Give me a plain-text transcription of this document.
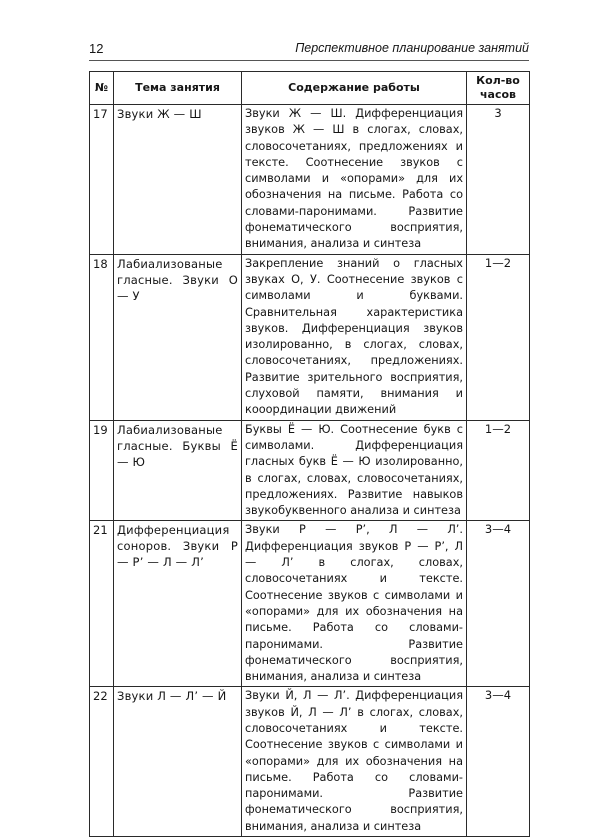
12	Перспективное планирование занятий
№	Тема занятия	Содержание работы	Кол-во часов
17	Звуки Ж — Ш	Звуки Ж — Ш. Дифференциация звуков Ж — Ш в слогах, словах, словосочетаниях, предложениях и тексте. Соотнесение звуков с символами и «опорами» для их обозначения на письме. Работа со словами-паронимами. Развитие фонематического восприятия, внимания, анализа и синтеза	3
18	Лабиализованые гласные. Звуки О — У	Закрепление знаний о гласных звуках О, У. Соотнесение звуков с символами и буквами. Сравнительная характеристика звуков. Дифференциация звуков изолированно, в слогах, словах, словосочетаниях, предложениях. Развитие зрительного восприятия, слуховой памяти, внимания и кооординации движений	1—2
19	Лабиализованые гласные. Буквы Ё — Ю	Буквы Ё — Ю. Соотнесение букв с символами. Дифференциация гласных букв Ё — Ю изолированно, в слогах, словах, словосочетаниях, предложениях. Развитие навыков звукобуквенного анализа и синтеза	1—2
21	Дифференциация соноров. Звуки Р — Р’ — Л — Л’	Звуки Р — Р’, Л — Л’. Дифференциация звуков Р — Р’, Л — Л’ в слогах, словах, словосочетаниях и тексте. Соотнесение звуков с символами и «опорами» для их обозначения на письме. Работа со словами-паронимами. Развитие фонематического восприятия, внимания, анализа и синтеза	3—4
22	Звуки Л — Л’ — Й	Звуки Й, Л — Л’. Дифференциация звуков Й, Л — Л’ в слогах, словах, словосочетаниях и тексте. Соотнесение звуков с символами и «опорами» для их обозначения на письме. Работа со словами-паронимами. Развитие фонематического восприятия, внимания, анализа и синтеза	3—4
